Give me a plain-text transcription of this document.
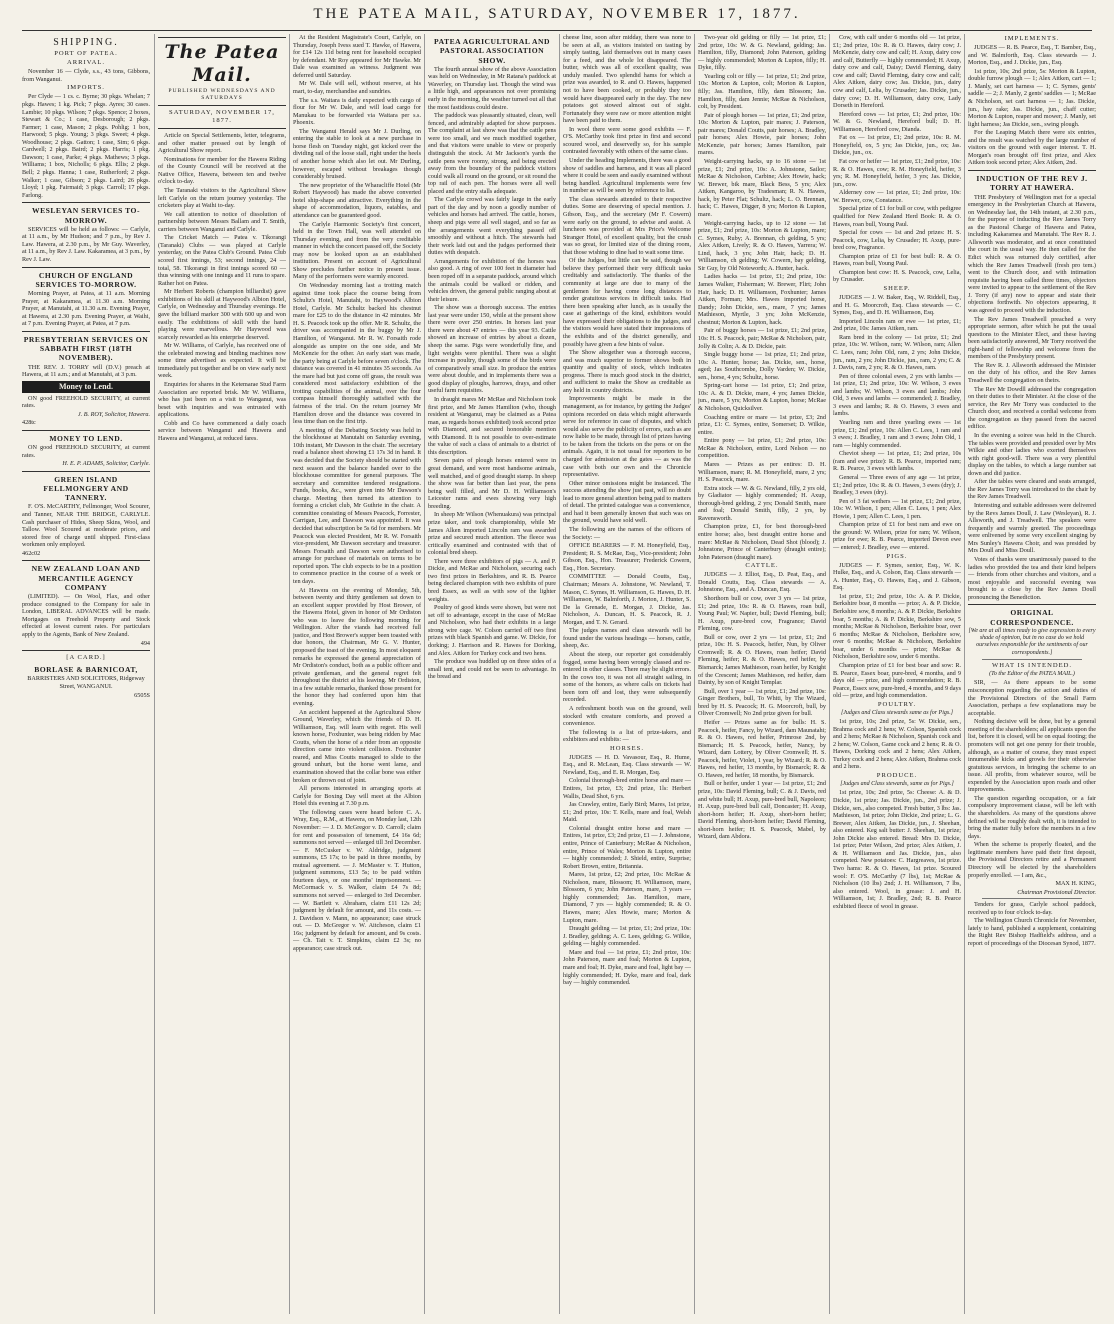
THE PATEA MAIL, SATURDAY, NOVEMBER 17, 1877.
SHIPPING.
PORT OF PATEA.
ARRIVAL.

November 16 — Clyde, s.s., 43 tons, Gibbons, from Wanganui.

IMPORTS.

Per Clyde — 1 cs. c. Byrne; 30 pkgs. Whelan; 7 pkgs. Hawes; 1 kg. Pick; 7 pkgs. Ayres; 30 cases. Lambie; 10 pkgs. Wilson; 7 pkgs. Spence; 2 boxes, Stewart & Co.; 1 case, Desborough; 2 pkgs. Farmer; 1 case, Mason; 2 pkgs. Pohlig; 1 box, Harwood; 5 pkgs. Young; 3 pkgs. Sweet; 4 pkgs. Woodhouse; 2 pkgs. Gatton; 1 case, Sim; 6 pkgs. Cardwell; 2 pkgs. Baird; 2 pkgs. Harris; 1 pkg. Dawson; 1 case, Parke; 4 pkgs. Mathews; 3 pkgs. Williams; 1 box, Nicholls; 6 pkgs. Ellis; 2 pkgs. Bell; 2 pkgs. Hanna; 1 case, Rutherford; 2 pkgs. Walker; 1 case, Gibson; 2 pkgs. Laird; 26 pkgs. Lloyd; 1 pkg. Fairmaid; 3 pkgs. Carroll; 17 pkgs. Farlong.

WESLEYAN SERVICES TO-MORROW.

SERVICES will be held as follows: — Carlyle, at 11 a.m., by Mr Hudson; and 7 p.m., by Rev J. Law. Hawera, at 2.30 p.m., by Mr Guy. Waverley, at 11 a.m., by Rev J. Law. Kakaramea, at 3 p.m., by Rev J. Law.

CHURCH OF ENGLAND SERVICES TO-MORROW.

Morning Prayer, at Patea, at 11 a.m. Morning Prayer, at Kakaramea, at 11.30 a.m. Morning Prayer, at Manutahi, at 11.30 a.m. Evening Prayer, at Hawera, at 2.30 p.m. Evening Prayer, at Waihi, at 7 p.m. Evening Prayer, at Patea, at 7 p.m.

PRESBYTERIAN SERVICES ON SABBATH FIRST (18TH NOVEMBER).

THE REV. J. TORRY will (D.V.) preach at Hawera, at 11 a.m.; and at Manutahi, at 3 p.m.

Money to Lend.

ON good FREEHOLD SECURITY, at current rates.

J. B. ROY, Solicitor, Hawera.

428tc

MONEY TO LEND.

ON good FREEHOLD SECURITY, at current rates.

H. E. P. ADAMS, Solicitor, Carlyle.

GREEN ISLAND FELLMONGERY AND TANNERY.

F. O'S. McCARTHY, Fellmonger, Wool Scourer, and Tanner, NEAR THE BRIDGE, CARLYLE. Cash purchaser of Hides, Sheep Skins, Wool, and Tallow. Wool Scoured at moderate prices, and stored free of charge until shipped. First-class workmen only employed.

462c02

NEW ZEALAND LOAN AND MERCANTILE AGENCY COMPANY

(LIMITED). — On Wool, Flax, and other produce consigned to the Company for sale in London, LIBERAL ADVANCES will be made. Mortgages on Freehold Property and Stock effected at lowest current rates. For particulars apply to the Agents, Bank of New Zealand.

494

[A CARD.]
BORLASE & BARNICOAT,

BARRISTERS AND SOLICITORS, Ridgeway Street, WANGANUI.

6505S

The Patea Mail.
PUBLISHED WEDNESDAYS AND SATURDAYS
SATURDAY, NOVEMBER 17, 1877.

Article on Special Settlements, letter, telegrams, and other matter pressed out by length of Agricultural Show report.

Nominations for member for the Hawera Riding of the County Council will be received at the Native Office, Hawera, between ten and twelve o'clock to-day.

The Taranaki visitors to the Agricultural Show left Carlyle on the return journey yesterday. The cricketers play at Waihi to-day.

We call attention to notice of dissolution of partnership between Messrs Ballam and T. Smith, carriers between Wanganui and Carlyle.

The Cricket Match — Patea v. Tikorangi (Taranaki) Clubs — was played at Carlyle yesterday, on the Patea Club's Ground. Patea Club scored first innings, 53; second innings, 24 — total, 58. Tikorangi in first innings scored 60 — thus winning with one innings and 11 runs to spare. Rather hot on Patea.

Mr Herbert Roberts (champion billiardist) gave exhibitions of his skill at Haywood's Albion Hotel, Carlyle, on Wednesday and Thursday evenings. He gave the billiard marker 300 with 600 up and won easily. The exhibitions of skill with the hand playing were marvellous. Mr Haywood was scarcely rewarded as his enterprise deserved.

Mr W. Williams, of Carlyle, has received one of the celebrated mowing and binding machines now some time advertised as expected. It will be immediately put together and be on view early next week.

Enquiries for shares in the Ketemarae Stud Farm Association are reported brisk. Mr W. Williams, who has just been on a visit to Wanganui, was beset with inquiries and was entrusted with applications.

Cobb and Co have commenced a daily coach service between Wanganui and Hawera and Hawera and Wanganui, at reduced fares.

At the Resident Magistrate's Court, Carlyle, on Thursday, Joseph Ivess sued T. Hawke, of Hawera, for £14 12s 11d being rent for leasehold occupied by defendant. Mr Roy appeared for Mr Hawke. Mr Dale was examined as witness. Judgment was deferred until Saturday.

Mr W. Dale will sell, without reserve, at his mart, to-day, merchandise and sundries.

The s.s. Waitara is daily expected with cargo of flour for Mr W. Dale, and will load cargo for Manukau to be forwarded via Waitara per s.s. Phoenix.

The Wanganui Herald says Mr J. Durling, on entering the stable to look at a new purchase in horse flesh on Tuesday night, got kicked over the dividing rail of the loose stall, right under the heels of another horse which also let out. Mr Durling, however, escaped without breakages though considerably bruised.

The new proprietor of the Wharacliffe Hotel (Mr Robert Haywood) has made the above converted hotel ship-shape and attractive. Everything in the shape of accommodation, liquors, eatables, and attendance can be guaranteed good.

The Carlyle Harmonic Society's first concert, held in the Town Hall, was well attended on Thursday evening, and from the very creditable manner in which the concert passed off, the Society may now be looked upon as an established institution. Present on account of Agricultural Show precludes further notice in present issue. Many of the performers were warmly encored.

On Wednesday morning last a trotting match against time took place the course being from Schultz's Hotel, Manutahi, to Haywood's Albion Hotel, Carlyle. Mr Schultz backed his chestnut mare for £25 to do the distance in 42 minutes. Mr H. S. Peacock took up the offer. Mr R. Schultz, the driver was accompanied in the buggy by Mr J. Hamilton, of Wanganui. Mr R. W. Forsaith rode alongside as umpire on the one side, and Mr McKenzie for the other. An early start was made, the party being at Carlyle before seven o'clock. The distance was covered in 41 minutes 35 seconds. As the mare had but just come off grass, the result was considered most satisfactory exhibition of the trotting capabilities of the animal, over the four compass himself thoroughly satisfied with the fairness of the trial. On the return journey Mr Hamilton drove and the distance was covered in less time than on the first trip.

A meeting of the Debating Society was held in the blockhouse at Manutahi on Saturday evening, 10th instant, Mr Dawson in the chair. The secretary read a balance sheet showing £1 17s 3d in hand. It was decided that the Society should be started with next season and the balance handed over to the blockhouse committee for general purposes. The secretary and committee tendered resignations. Funds, books, &c., were given into Mr Dawson's charge. Meeting then turned its attention to forming a cricket club, Mr Guthrie in the chair. A committee consisting of Messrs Peacock, Forrester, Carrigan, Lee, and Dawson was appointed. It was decided that subscription be 5s 6d for members. Mr Peacock was elected President, Mr R. W. Forsaith vice-president, Mr Dawson secretary and treasurer. Messrs Forsaith and Dawson were authorised to arrange for purchase of materials on terms to be reported upon. The club expects to be in a position to commence practice in the course of a week or ten days.

At Hawera on the evening of Monday, 5th, between twenty and thirty gentlemen sat down to an excellent supper provided by Host Brower, of the Hawera Hotel, given in honor of Mr Ordiston who was to leave the following morning for Wellington. After the viands had received full justice, and Host Brower's supper been toasted with due honors, the Chairman, Mr G. V. Hunter, proposed the toast of the evening. In most eloquent remarks he expressed the general appreciation of Mr Ordiston's conduct, both as a public officer and private gentleman, and the general regret felt throughout the district at his leaving. Mr Ordiston, in a few suitable remarks, thanked those present for the honor they had conferred upon him that evening.

An accident happened at the Agricultural Show Ground, Waverley, which the friends of D. H. Williamson, Esq. will learn with regret. His well known horse, Foxhunter, was being ridden by Mac Coutts, when the horse of a rider from an opposite direction came into violent collision. Foxhunter reared, and Miss Coutts managed to slide to the ground unhurt, but the horse went lame, and examination showed that the collar bone was either broken or thrown out of joint.

All persons interested in arranging sports at Carlyle for Boxing Day will meet at the Albion Hotel this evening at 7.30 p.m.

The following cases were heard before C. A. Wray, Esq., R.M., at Hawera, on Monday last, 12th November: — J. D. McGregor v. D. Carroll; claim for rent and possession of tenement, £4 16s 6d; summons not served — enlarged till 3rd December. — F. McCusker v. W. Aldridge, judgment summons, £5 17s; to be paid in three months, by mutual agreement. — J. McMaster v. T. Hutton, judgment summons, £13 5s; to be paid within fourteen days, or one months' imprisonment. — McCormack v. S. Walker, claim £4 7s 8d; summons not served — enlarged to 3rd December. — W. Bartlett v. Abraham, claim £11 12s 2d; judgment by default for amount, and 11s costs. — J. Davidson v. Mann, no appearance; case struck out. — D. McGregor v. W. Aitcheson, claim £1 16s; judgment by default for amount, and 9s costs. — Ch. Tait v. T. Simpkins, claim £2 3s; no appearance; case struck out.

PATEA AGRICULTURAL AND PASTORAL ASSOCIATION SHOW.

The fourth annual show of the above Association was held on Wednesday, in Mr Ratana's paddock at Waverley, on Thursday last. Though the wind was a little high, and appearances not over promising early in the morning, the weather turned out all that the most fastidious could desire.

The paddock was pleasantly situated, clean, well fenced, and admirably adapted for show purposes. The complaint at last show was that the cattle pens were too small, and we much modified together, and that visitors were unable to view or properly distinguish the stock. At Mr Jackson's yards the cattle pens were roomy, strong, and being erected away from the boundary of the paddock visitors could walk all round on the ground, or sit round the top rail of each pen. The horses were all well placed and the entry stalls adequate.

The Carlyle crowd was fairly large in the early part of the day and by noon a goodly number of vehicles and horses had arrived. The cattle, horses, sheep and pigs were all well staged, and so far as the arrangements went everything passed off smoothly and without a hitch. The stewards had their work laid out and the judges performed their duties with despatch.

Arrangements for exhibition of the horses was also good. A ring of over 100 feet in diameter had been roped off in a separate paddock, around which the animals could be walked or ridden, and vehicles driven, the general public ranging about at their leisure.

The show was a thorough success. The entries last year were under 150, while at the present show there were over 250 entries. In horses last year there were about 47 entries — this year 93. Cattle showed an increase of entries by about a dozen, sheep the same. Pigs were wonderfully fine, and light weights were plentiful. There was a slight increase in poultry, though some of the birds were of comparatively small size. In produce the entries were about double, and in implements there was a good display of ploughs, harrows, drays, and other useful farm requisites.

In draught mares Mr McRae and Nicholson took first prize, and Mr James Hamilton (who, though resident at Wanganui, may be claimed as a Patea man, as regards horses exhibited) took second prize with Diamond, and secured honorable mention with Diamond. It is not possible to over-estimate the value of such a class of animals to a district of this description.

Seven pairs of plough horses entered were in great demand, and were most handsome animals, well matched, and of good draught stamp. In sheep the show was far better than last year, the pens being well filled, and Mr D. H. Williamson's Leicester rams and ewes showing very high breeding.

In sheep Mr Wilson (Whenuakura) was principal prize taker, and took championship, while Mr James Alken imported Lincoln ram was awarded prize and secured much attention. The fleece was critically examined and contrasted with that of colonial bred sheep.

There were three exhibitors of pigs — A. and P. Dickie, and McRae and Nicholson, securing each two first prizes in Berkshires, and R. B. Pearce being declared champion with two exhibits of pure bred Essex, as well as with sow of the lighter weights.

Poultry of good kinds were shown, but were not set off to advantage, except in the case of McRae and Nicholson, who had their exhibits in a large strong wire cage. W. Colson carried off two first prizes with black Spanish and game. W. Dickie, for dorking; J. Harrison and R. Hawes for Dorking, and Alex. Aitken for Turkey cock and two hens.

The produce was huddled up on three sides of a small tent, and could not be seen to advantage. In the bread and

cheese line, soon after midday, there was none to be seen at all, as visitors insisted on tasting by simply tasting, laid themselves out in many cases for a feed, and the whole lot disappeared. The butter, which was all of excellent quality, was unduly mauled. Two splendid hams for which a prize was awarded, to R. and O. Hawes, happened not to have been cooked, or probably they too would have disappeared early in the day. The new potatoes got stowed almost out of sight. Fortunately they were raw or more attention might have been paid to them.

In wool there were some good exhibits — F. O'S. McCarthy took first prize in first and second scoured wool, and deservedly so, for his sample contrasted favorably with others of the same class.

Under the heading Implements, there was a good show of saddles and harness, and it was all placed where it could be seen and easily examined without being handled. Agricultural implements were few in number as will be seen by reference to list.

The class stewards attended to their respective duties. Some are deserving of special mention. J. Gibson, Esq., and the secretary (Mr F. Cowern) were early on the ground, to advise and assist. A luncheon was provided at Mrs Price's Welcome Stranger Hotel, of excellent quality, but the crush was so great, for limited size of the dining room, that those wishing to dine had to wait some time.

Of the Judges, but little can be said, though we believe they performed their very difficult tasks creditably and satisfactorily. The thanks of the community at large are due to many of the gentlemen for having come long distances to render gratuitous services in difficult tasks. Had there been speaking after lunch, as is usually the case at gatherings of the kind, exhibitors would have expressed their obligations to the judges, and the visitors would have stated their impressions of the exhibits and of the district generally, and possibly have given a few hints of value.

The Show altogether was a thorough success, and was much superior to former shows both in quantity and quality of stock, which indicates progress. There is much good stock in the district, and sufficient to make the Show as creditable as any held in country districts.

Improvements might be made in the management, as for instance, by getting the Judges' opinions recorded on data which might afterwards serve for reference in case of disputes, and which would also serve the publicity of errors, such as are now liable to be made, through list of prizes having to be taken from the tickets on the pens or on the animals. Again, it is not usual for reporters to be charged for admission at the gates — as was the case with both our own and the Chronicle representative.

Other minor omissions might be instanced. The success attending the show just past, will no doubt lead to more general attention being paid to matters of detail. The printed catalogue was a convenience, and had it been generally known that such was on the ground, would have sold well.

The following are the names of the officers of the Society: —

OFFICE BEARERS — F. M. Honeyfield, Esq., President; R. S. McRae, Esq., Vice-president; John Gibson, Esq., Hon. Treasurer; Frederick Cowern, Esq., Hon. Secretary.

COMMITTEE — Donald Coutts, Esq., Chairman; Messrs A. Johnstone, W. Newland, T. Mason, C. Symes, H. Williamson, G. Hawes, D. H. Williamson, W. Balmforth, J. Morton, J. Hunter, S. De la Grenade, E. Morgan, J. Dickie, Jas. Nicholson, A. Duncan, H. S. Peacock, R. J. Morgan, and T. N. Gerard.

The judges names and class stewards will be found under the various headings — horses, cattle, sheep, &c.

About the steep, our reporter got considerably fogged, some having been wrongly classed and re-entered in other classes. There may be slight errors. In the cows too, it was not all straight sailing, in some of the honors, as where calls on tickets had been torn off and lost, they were subsequently recorded.

A refreshment booth was on the ground, well stocked with creature comforts, and proved a convenience.

The following is a list of prize-takers, and exhibitors and exhibits: —

HORSES.

JUDGES — H. D. Vavasour, Esq., R. Hume, Esq., and R. McLean, Esq. Class stewards — W. Newland, Esq., and E. R. Morgan, Esq.

Colonial thorough-bred entire horse and mare — Entires, 1st prize, £3; 2nd prize, 1ls: Herbert Wallis, Dead Shot, 6 yrs.

Jas Crawley, entire, Early Bird; Mares, 1st prize, £1; 2nd prize, 10s: T. Kells, mare and foal, Welsh Maid.

Colonial draught entire horse and mare — Entires, 1st prize, £3; 2nd prize, £1 — J. Johnstone, entire, Prince of Canterbury; McRae & Nicholson, entire, Prince of Wales; Morton & Lupton, entire — highly commended; J. Shield, entire, Surprise; Robert Brown, entire, Britannia.

Mares, 1st prize, £2; 2nd prize, 10s: McRae & Nicholson, mare, Blossom; H. Williamson, mare, Blossom, 6 yrs; John Paterson, mare, 3 years — highly commended; Jas. Hamilton, mare, Diamond, 7 yrs — highly commended; R. & O. Hawes, mare; Alex Howie, mare; Morton & Lupton, mare.

Draught gelding — 1st prize, £1; 2nd prize, 10s: J. Bradley, gelding; A. C. Lees, gelding; G. Wilkie, gelding — highly commended.

Mare and foal — 1st prize, £1; 2nd prize, 10s: John Paterson, mare and foal; Morton & Lupton, mare and foal; H. Dyke, mare and foal, light bay — highly commended; H. Dyke, mare and foal, dark bay — highly commended.

Two-year old gelding or filly — 1st prize, £1; 2nd prize, 10s: W. & G. Newland, gelding; Jas. Hamilton, filly, Diamond; John Paterson, gelding — highly commended; Morton & Lupton, filly; H. Dyke, filly.

Yearling colt or filly — 1st prize, £1; 2nd prize, 10s: Morton & Lupton, colt; Morton & Lupton, filly; Jas. Hamilton, filly, dam Blossom; Jas. Hamilton, filly, dam Jennie; McRae & Nicholson, colt, by President.

Pair of plough horses — 1st prize, £1; 2nd prize, 10s: Morton & Lupton, pair mares; J. Paterson, pair mares; Donald Coutts, pair horses; A. Bradley, pair horses; Alex Howie, pair horses; John McKenzie, pair horses; James Hamilton, pair mares.

Weight-carrying hacks, up to 16 stone — 1st prize, £1; 2nd prize, 10s: A. Johnstone, Sailor; McRae & Nicholson, Carbine; Alex Howie, hack; W. Brewer, bik mare, Black Bess, 5 yrs; Alex Aitken, Kangaroo, by Tradesman; R. N. Hawes, hack, by Peter Flat; Schultz, hack; L. O. Brennan, hack; C. Hawes, Digger, 8 yrs; Morton & Lupton, mare.

Weight-carrying hacks, up to 12 stone — 1st prize, £1; 2nd prize, 10s: Morton & Lupton, mare; C. Symes, Ruby; A. Brennan, ch gelding, 5 yrs; Alex Aitken, Lively; R. & O. Hawes, Yarrera; W. Lind, hack, 3 yrs; John Hair, hack; D. H. Williamson, ch gelding; W. Cowern, bay gelding, Sir Guy, by Old Noteworth; A. Hunter, hack.

Ladies hacks — 1st prize, £1; 2nd prize, 10s: James Walker, Fisherman; W. Brewer, Flirt; John Hair, hack; D. H. Williamson, Foxhunter; James Aitken, Forman; Mrs. Hawes imported horse, Dandy; John Dickie, sen., mare, 7 yrs; James Mathieson, Myrtle, 3 yrs; John McKenzie, chestnut; Morton & Lupton, hack.

Pair of buggy horses — 1st prize, £1; 2nd prize, 10s: H. S. Peacock, pair; McRae & Nicholson, pair, Jolly & Colin; A. & D. Dickie, pair.

Single buggy horse — 1st prize, £1; 2nd prize, 10s: A. Hunter, horse; Jas. Dickie, sen., horse, aged; Jas Southcombe, Dolly Varden; W. Dickie, sen., horse, 4 yrs; Schultz, horse.

Spring-cart horse — 1st prize, £1; 2nd prize, 10s: A. & D. Dickie, mare, 4 yrs; James Dickie, jun., mare, 5 yrs; Morton & Lupton, horse; McRae & Nicholson, Quicksilver.

Coaching entire or mare — 1st prize, £3; 2nd prize, £1: C. Symes, entire, Somerset; D. Wilkie, entire.

Entire pony — 1st prize, £1; 2nd prize, 10s: McRae & Nicholson, entire, Lord Nelson — no competition.

Mares — Prizes as per entires: D. H. Williamson, mare; R. M. Honeyfield, mare, 2 yrs; H. S. Peacock, mare.

Extra stock — W. & G. Newland, filly, 2 yrs old, by Gladiator — highly commended; H. Axup, thorough-bred gelding, 2 yrs; Donald Smith, mare and foal; Donald Smith, filly, 2 yrs, by Ravensworth.

Champion prize, £1, for best thorough-bred entire horse; also, best draught entire horse and mare: McRae & Nicholson, Dead Shot (blood); J. Johnstone, Prince of Canterbury (draught entire); John Paterson (draught mare).

CATTLE.

JUDGES — J. Elliot, Esq., D. Peat, Esq., and Donald Coutts, Esq. Class stewards — A. Johnstone, Esq., and A. Duncan, Esq.

Shorthorn bull or cow, over 3 yrs — 1st prize, £1; 2nd prize, 10s: R. & O. Hawes, roan bull, Young Paul; W. Napier, bull; David Fleming, bull; H. Axup, pure-bred cow, Fragrance; David Fleming, cow.

Bull or cow, over 2 yrs — 1st prize, £1; 2nd prize, 10s: H. S. Peacock, heifer, Nun, by Oliver Cromwell; R. & O. Hawes, roan heifer; David Fleming, heifer; R. & O. Hawes, red heifer, by Bismarck; James Mathieson, roan heifer, by Knight of the Crescent; James Mathieson, red heifer, dam Dainty, by son of Knight Templar.

Bull, over 1 year — 1st prize, £1; 2nd prize, 10s: Ginger Brothers, bull, To Whiti, by The Wizard, bred by H. S. Peacock; H. G. Moorcroft, bull, by Oliver Cromwell; No 2nd prize given for bull.

Heifer — Prizes same as for bulls: H. S. Peacock, heifer, Fancy, by Wizard, dam Maunatahi; R. & O. Hawes, red heifer, Primrose 2nd, by Bismarck; H. S. Peacock, heifer, Nancy, by Wizard, dam Lottery, by Oliver Cromwell; H. S. Peacock, heifer, Violet, 1 year, by Wizard; R. & O. Hawes, red heifer, 13 months, by Bismarck; R. & O. Hawes, red heifer, 18 months, by Bismarck.

Bull or heifer, under 1 year — 1st prize, £1; 2nd prize, 10s: David Fleming, bull; C. & J. Davis, red and white bull; H. Axup, pure-bred bull, Napoleon; H. Axup, pure-bred bull calf, Doncaster; H. Axup, short-horn heifer; H. Axup, short-horn heifer; David Fleming, short-horn heifer; David Fleming, short-horn heifer; H. S. Peacock, Mabel, by Wizard, dam Abdora.

Cow, with calf under 6 months old — 1st prize, £1; 2nd prize, 10s: R. & O. Hawes, dairy cow; J. McKenzie, dairy cow and calf; H. Axup, dairy cow and calf, Butterfly — highly commended; H. Axup, dairy cow and calf, Daisy; David Fleming, dairy cow and calf; David Fleming, dairy cow and calf; Alex Aitken, dairy cow; Jas. Dickie, jun., dairy cow and calf, Lelia, by Crusader; Jas. Dickie, jun., dairy cow; D. H. Williamson, dairy cow, Lady Dorseth in Hereford.

Hereford cows — 1st prize, £1; 2nd prize, 10s: W. & G. Newland, Hereford bull; D. H. Williamson, Hereford cow, Dianda.

Fat ox — 1st prize, £1; 2nd prize, 10s: R. M. Honeyfield, ox, 5 yrs; Jas Dickie, jun., ox; Jas. Dickie, jun., ox.

Fat cow or heifer — 1st prize, £1; 2nd prize, 10s: R. & O. Hawes, cow; R. M. Honeyfield, heifer, 3 yrs; R. M. Honeyfield, heifer, 3 yrs; Jas. Dickie, jun., cow.

Alderney cow — 1st prize, £1; 2nd prize, 10s: W. Brewer, cow, Constance.

Special prize of £1 for bull or cow, with pedigree qualified for New Zealand Herd Book: R. & O. Hawes, roan bull, Young Paul.

Special for cows — 1st and 2nd prizes: H. S. Peacock, cow, Lelia, by Crusader; H. Axup, pure-bred cow, Fragrance.

Champion prize of £1 for best bull: R. & O. Hawes, roan bull, Young Paul.

Champion best cow: H. S. Peacock, cow, Lelia, by Crusader.

SHEEP.

JUDGES — J. W. Baker, Esq., W. Riddell, Esq., and H. G. Moorcroft, Esq. Class stewards — C. Symes, Esq., and D. H. Williamson, Esq.

Imported Lincoln ram or ewe — 1st prize, £1; 2nd prize, 10s: James Aitken, ram.

Ram bred in the colony — 1st prize, £1; 2nd prize, 10s: W. Wilson, ram; W. Wilson, ram; Allen C. Lees, ram; John Old, ram, 2 yrs; John Dickie, jun., ram, 2 yrs; John Dickie, jun., ram, 2 yrs; C. & J. Davis, ram, 2 yrs; R. & O. Hawes, ram.

Pen of three colonial ewes, 2 yrs with lambs — 1st prize, £1; 2nd prize, 10s: W. Wilson, 3 ewes and lambs; W. Wilson, 3 ewes and lambs; John Old, 3 ewes and lambs — commended; J. Bradley, 3 ewes and lambs; R. & O. Hawes, 3 ewes and lambs.

Yearling ram and three yearling ewes — 1st prize, £1; 2nd prize, 10s: Allen C. Lees, 1 ram and 3 ewes; J. Bradley, 1 ram and 3 ewes; John Old, 1 ram — highly commended.

Cheviot sheep — 1st prize, £1; 2nd prize, 10s (ram and ewe prize): R. B. Pearce, imported ram; R. B. Pearce, 3 ewes with lambs.

General — Three ewes of any age — 1st prize, £1; 2nd prize, 10s: R. & O. Hawes, 3 ewes (dry); J. Bradley, 3 ewes (dry).

Pen of 3 fat wethers — 1st prize, £1; 2nd prize, 10s: W. Wilson, 1 pen; Allen C. Lees, 1 pen; Alex Howie, 1 pen; Allen C. Lees, 1 pen.

Champion prize of £1 for best ram and ewe on the ground: W. Wilson, prize for ram; W. Wilson, prize for ewe; R. B. Pearce, imported Devon ewe — entered; J. Bradley, ewe — entered.

PIGS.

JUDGES — F. Symes, senior, Esq., W. K. Hulke, Esq., and A. Colson, Esq. Class stewards — A. Hunter, Esq., O. Hawes, Esq., and J. Gibson, Esq.

1st prize, £1; 2nd prize, 10s: A. & P. Dickie, Berkshire boar, 8 months — prize; A. & P. Dickie, Berkshire sow, 8 months; A. & P. Dickie, Berkshire boar, 5 months; A. & P. Dickie, Berkshire sow, 5 months; McRae & Nicholson, Berkshire boar, over 6 months; McRae & Nicholson, Berkshire sow, over 6 months; McRae & Nicholson, Berkshire boar, under 6 months — prize; McRae & Nicholson, Berkshire sow, under 6 months.

Champion prize of £1 for best boar and sow: R. B. Pearce, Essex boar, pure-bred, 4 months, and 9 days old — prize, and high commendation; R. B. Pearce, Essex sow, pure-bred, 4 months, and 9 days old — prize, and high commendation.

POULTRY.

[Judges and Class stewards same as for Pigs.]

1st prize, 10s; 2nd prize, 5s: W. Dickie, sen., Brahma cock and 2 hens; W. Colson, Spanish cock and 2 hens; McRae & Nicholson, Spanish cock and 2 hens; W. Colson, Game cock and 2 hens; R. & O. Hawes, Dorking cock and 2 hens; Alex Aitken, Turkey cock and 2 hens; Alex Aitken, Brahma cock and 2 hens.

PRODUCE.

[Judges and Class stewards, same as for Pigs.]

1st prize, 10s; 2nd prize, 5s: Cheese: A. & D. Dickie, 1st prize; Jas. Dickie, jun., 2nd prize; J. Dickie, sen., also competed. Fresh butter, 3 lbs: Jas. Mathieson, 1st prize; John Dickie, 2nd prize; L. G. Brewer, Alex Aitken, Jas Dickie, jun., J. Sheehan, also entered. Keg salt butter: J. Sheehan, 1st prize; John Dickie also entered. Bread: Mrs D. Dickie, 1st prize; Peter Wilson, 2nd prize; Alex Aitken, J. & H. Williamson and Jas. Dickie, jun., also competed. New potatoes: C. Hargreaves, 1st prize. Two hams: R. & O. Hawes, 1st prize. Scoured wool: F. O'S. McCarthy (7 lbs), 1st; McRae & Nicholson (10 lbs) 2nd; J. H. Williamson, 7 lbs, also entered. Wool, in grease: J. and H. Williamson, 1st; J. Bradley, 2nd; R. B. Pearce exhibited fleece of wool in grease.

IMPLEMENTS.

JUDGES — R. B. Pearce, Esq., T. Bamber, Esq., and W. Balmforth, Esq. Class stewards — J. Morton, Esq., and J. Dickie, jun., Esq.

1st prize, 10s; 2nd prize, 5s: Morton & Lupton, double furrow plough — 1; Alex Aitken, cart — 1; J. Manly, set cart harness — 1; C. Symes, gents' saddle — 2; J. Manly, 2 gents' saddles — 1; McRae & Nicholson, set cart harness — 1; Jas. Dickie, jun., hay rake; Jas. Dickie, jun., chaff cutter; Morton & Lupton, reaper and mower; J. Manly, set light harness; Jas Dickie, sen., swing plough.

For the Leaping Match there were six entries, and the result was watched by the large number of visitors on the ground with eager interest. T. H. Morgan's roan brought off first prize, and Alex Aitken took second prize; Alex Aitken, 2nd.

INDUCTION OF THE REV J. TORRY AT HAWERA.

THE Presbytery of Wellington met for a special emergency in the Presbyterian Church at Hawera, on Wednesday last, the 14th instant, at 2.30 p.m., for the purpose of inducting the Rev James Torry as the Pastoral Charge of Hawera and Patea, including Kakaramea and Manutahi. The Rev R. J. Allsworth was moderator, and at once constituted the court in the usual way. He then called for the Edict which was returned duly certified, after which the Rev James Treadwell (fresh pro tem.) went to the Church door, and with intimation requisite having been called three times, objectors were invited to appear to the settlement of the Rev J. Torry (if any) now to appear and state their objections forthwith. No objectors appearing, it was agreed to proceed with the induction.

The Rev James Treadwell preached a very appropriate sermon, after which he put the usual questions to the Minister Elect, and these having been satisfactorily answered, Mr Torry received the right-hand of fellowship and welcome from the members of the Presbytery present.

The Rev R. J. Allsworth addressed the Minister on the duty of his office, and the Rev James Treadwell the congregation on theirs.

The Rev Mr Dowdll addressed the congregation on their duties to their Minister. At the close of the service, the Rev Mr Torry was conducted to the Church door, and received a cordial welcome from the congregation as they passed from the sacred edifice.

In the evening a soiree was held in the Church. The tables were provided and presided over by Mrs Wilkie and other ladies who exerted themselves with right good-will. There was a very plentiful display on the tables, to which a large number sat down and did justice.

After the tables were cleared and seats arranged, the Rev James Torry was introduced to the chair by the Rev James Treadwell.

Interesting and suitable addresses were delivered by the Revs James Doull, J. Law (Wesleyan), R. J. Allsworth, and J. Treadwell. The speakers were frequently and warmly greeted. The proceedings were enlivened by some very excellent singing by Mrs Sunley's Hawera Choir, and was presided by Mrs Doull and Miss Doull.

Votes of thanks were unanimously passed to the ladies who provided the tea and their kind helpers — friends from other churches and visitors, and a most enjoyable and successful evening was brought to a close by the Rev James Doull pronouncing the Benediction.

ORIGINAL CORRESPONDENCE.

[We are at all times ready to give expression to every shade of opinion, but in no case do we hold ourselves responsible for the sentiments of our correspondents.]

WHAT IS INTENDED.

(To the Editor of the PATEA MAIL.)

SIR, — As there appears to be some misconception regarding the action and duties of the Provisional Directors of the Small Farm Association, perhaps a few explanations may be acceptable.

Nothing decisive will be done, but by a general meeting of the shareholders; all applicants upon the list, before it is closed, will be on equal footing; the promoters will not get one penny for their trouble, although, as a matter of course, they must expect innumerable kicks and growls for their otherwise gratuitous services, in bringing the scheme to an issue. All profits, from whatever source, will be expended by the Association upon roads and other improvements.

The question regarding occupation, or a fair compulsory improvement clause, will be left with the shareholders. As many of the questions above defined will be roughly dealt with, it is intended to bring the matter fully before the members in a few days.

When the scheme is properly floated, and the legitimate members have paid their first deposit, the Provisional Directors retire and a Permanent Directory will be elected by the shareholders properly enrolled. — I am, &c.,

MAX H. KING,

Chairman Provisional Director.

Tenders for grass, Carlyle school paddock, received up to four o'clock to-day.

The Wellington Church Chronicle for November, lately to hand, published a supplement, containing the Right Rev Bishop Hadfield's address, and a report of proceedings of the Diocesan Synod, 1877.
